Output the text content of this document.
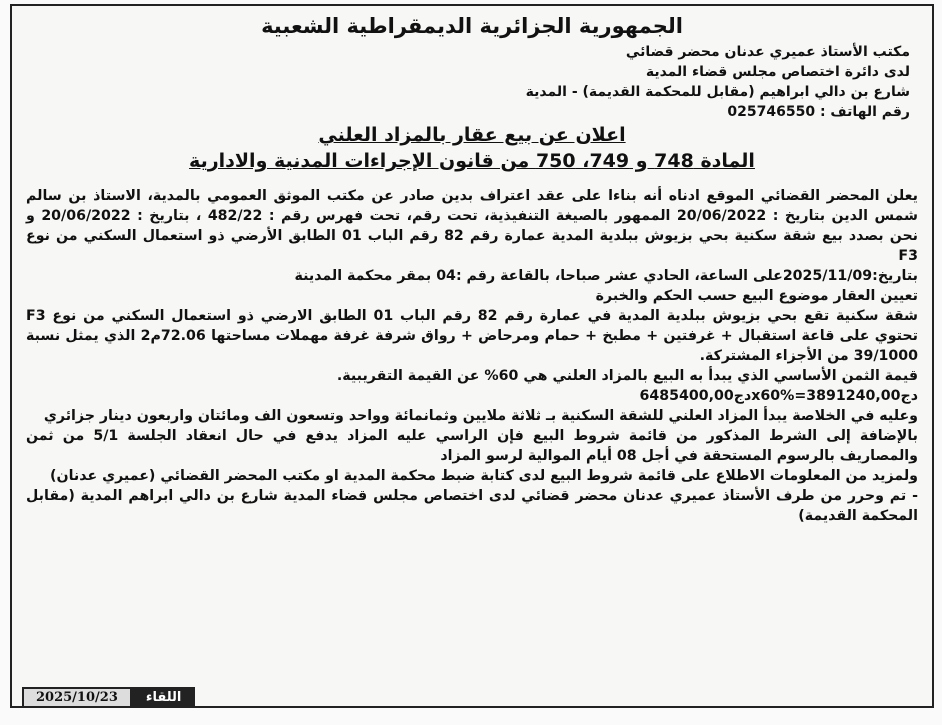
الجمهورية الجزائرية الديمقراطية الشعبية
مكتب الأستاذ عميري عدنان محضر قضائي
لدى دائرة اختصاص مجلس قضاء المدية
شارع بن دالي ابراهيم (مقابل للمحكمة القديمة) - المدية
رقم الهاتف : 025746550
اعلان عن بيع عقار بالمزاد العلني
المادة 748 و 749، 750 من قانون الإجراءات المدنية والادارية

يعلن المحضر القضائي الموقع ادناه أنه بناءا على عقد اعتراف بدين صادر عن مكتب الموثق العمومي بالمدية، الاستاذ بن سالم شمس الدين بتاريخ : 20/06/2022 الممهور بالصيغة التنفيذية، تحت رقم، تحت فهرس رقم : 482/22 ، بتاريخ : 20/06/2022 و نحن بصدد بيع شقة سكنية بحي بزيوش ببلدية المدية عمارة رقم 82 رقم الباب 01 الطابق الأرضي ذو استعمال السكني من نوع F3

بتاريخ:2025/11/09على الساعة، الحادي عشر صباحا، بالقاعة رقم :04 بمقر محكمة المدينة

تعيين العقار موضوع البيع حسب الحكم والخبرة

شقة سكنية تقع بحي بزيوش ببلدية المدية في عمارة رقم 82 رقم الباب 01 الطابق الارضي ذو استعمال السكني من نوع F3 تحتوي على قاعة استقبال + غرفتين + مطبخ + حمام ومرحاض + رواق شرفة غرفة مهملات مساحتها 72.06م2 الذي يمثل نسبة 39/1000 من الأجزاء المشتركة.

قيمة الثمن الأساسي الذي يبدأ به البيع بالمزاد العلني هي 60% عن القيمة التقريبية.

6485400,00دجx60%=3891240,00دج

وعليه في الخلاصة يبدأ المزاد العلني للشقة السكنية بـ ثلاثة ملايين وثمانمائة وواحد وتسعون الف ومائتان واربعون دينار جزائري

بالإضافة إلى الشرط المذكور من قائمة شروط البيع فإن الراسي عليه المزاد يدفع في حال انعقاد الجلسة 5/1 من ثمن والمصاريف بالرسوم المستحقة في أجل 08 أيام الموالية لرسو المزاد

ولمزيد من المعلومات الاطلاع على قائمة شروط البيع لدى كتابة ضبط محكمة المدية او مكتب المحضر القضائي (عميري عدنان)

- تم وحرر من طرف الأستاذ عميري عدنان محضر قضائي لدى اختصاص مجلس قضاء المدية شارع بن دالي ابراهم المدية (مقابل المحكمة القديمة)

2025/10/23	اللقاء
